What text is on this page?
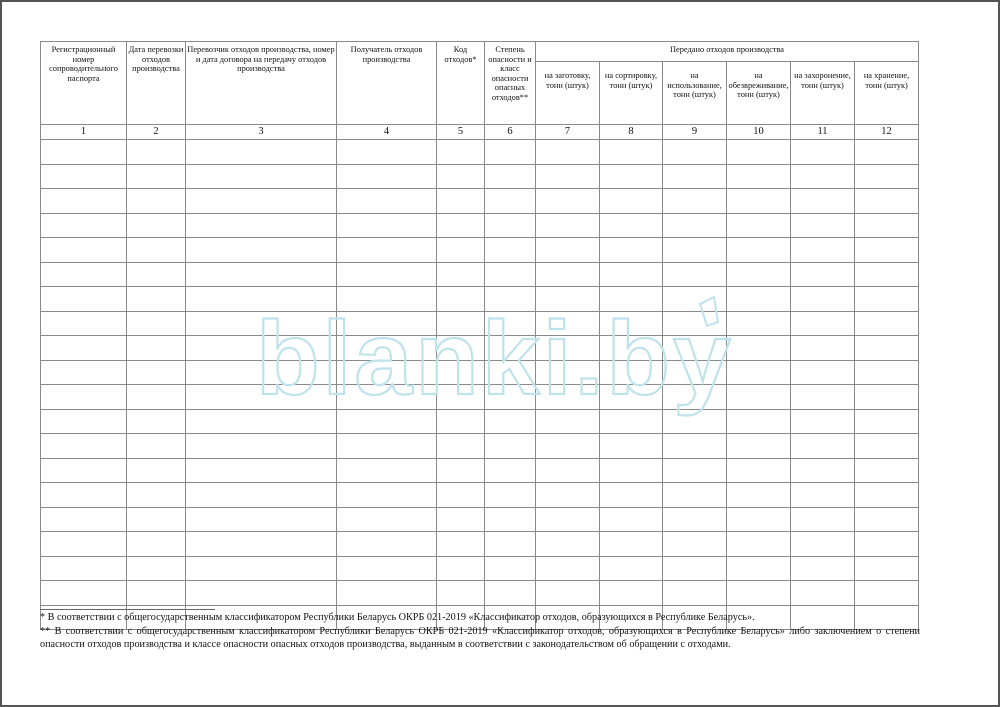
Регистрационный номер сопроводительного паспорта	Дата перевозки отходов производства	Перевозчик отходов производства, номер и дата договора на передачу отходов производства	Получатель отходов производства	Код отходов*	Степень опасности и класс опасности опасных отходов**	Передано отходов производства					
						на заготовку, тонн (штук)	на сортировку, тонн (штук)	на использование, тонн (штук)	на обезвреживание, тонн (штук)	на захоронение, тонн (штук)	на хранение, тонн (штук)
1	2	3	4	5	6	7	8	9	10	11	12

blanki.by
* В соответствии с общегосударственным классификатором Республики Беларусь ОКРБ 021-2019 «Классификатор отходов, образующихся в Республике Беларусь».
** В соответствии с общегосударственным классификатором Республики Беларусь ОКРБ 021-2019 «Классификатор отходов, образующихся в Республике Беларусь» либо заключением о степени опасности отходов производства и классе опасности опасных отходов производства, выданным в соответствии с законодательством об обращении с отходами.
